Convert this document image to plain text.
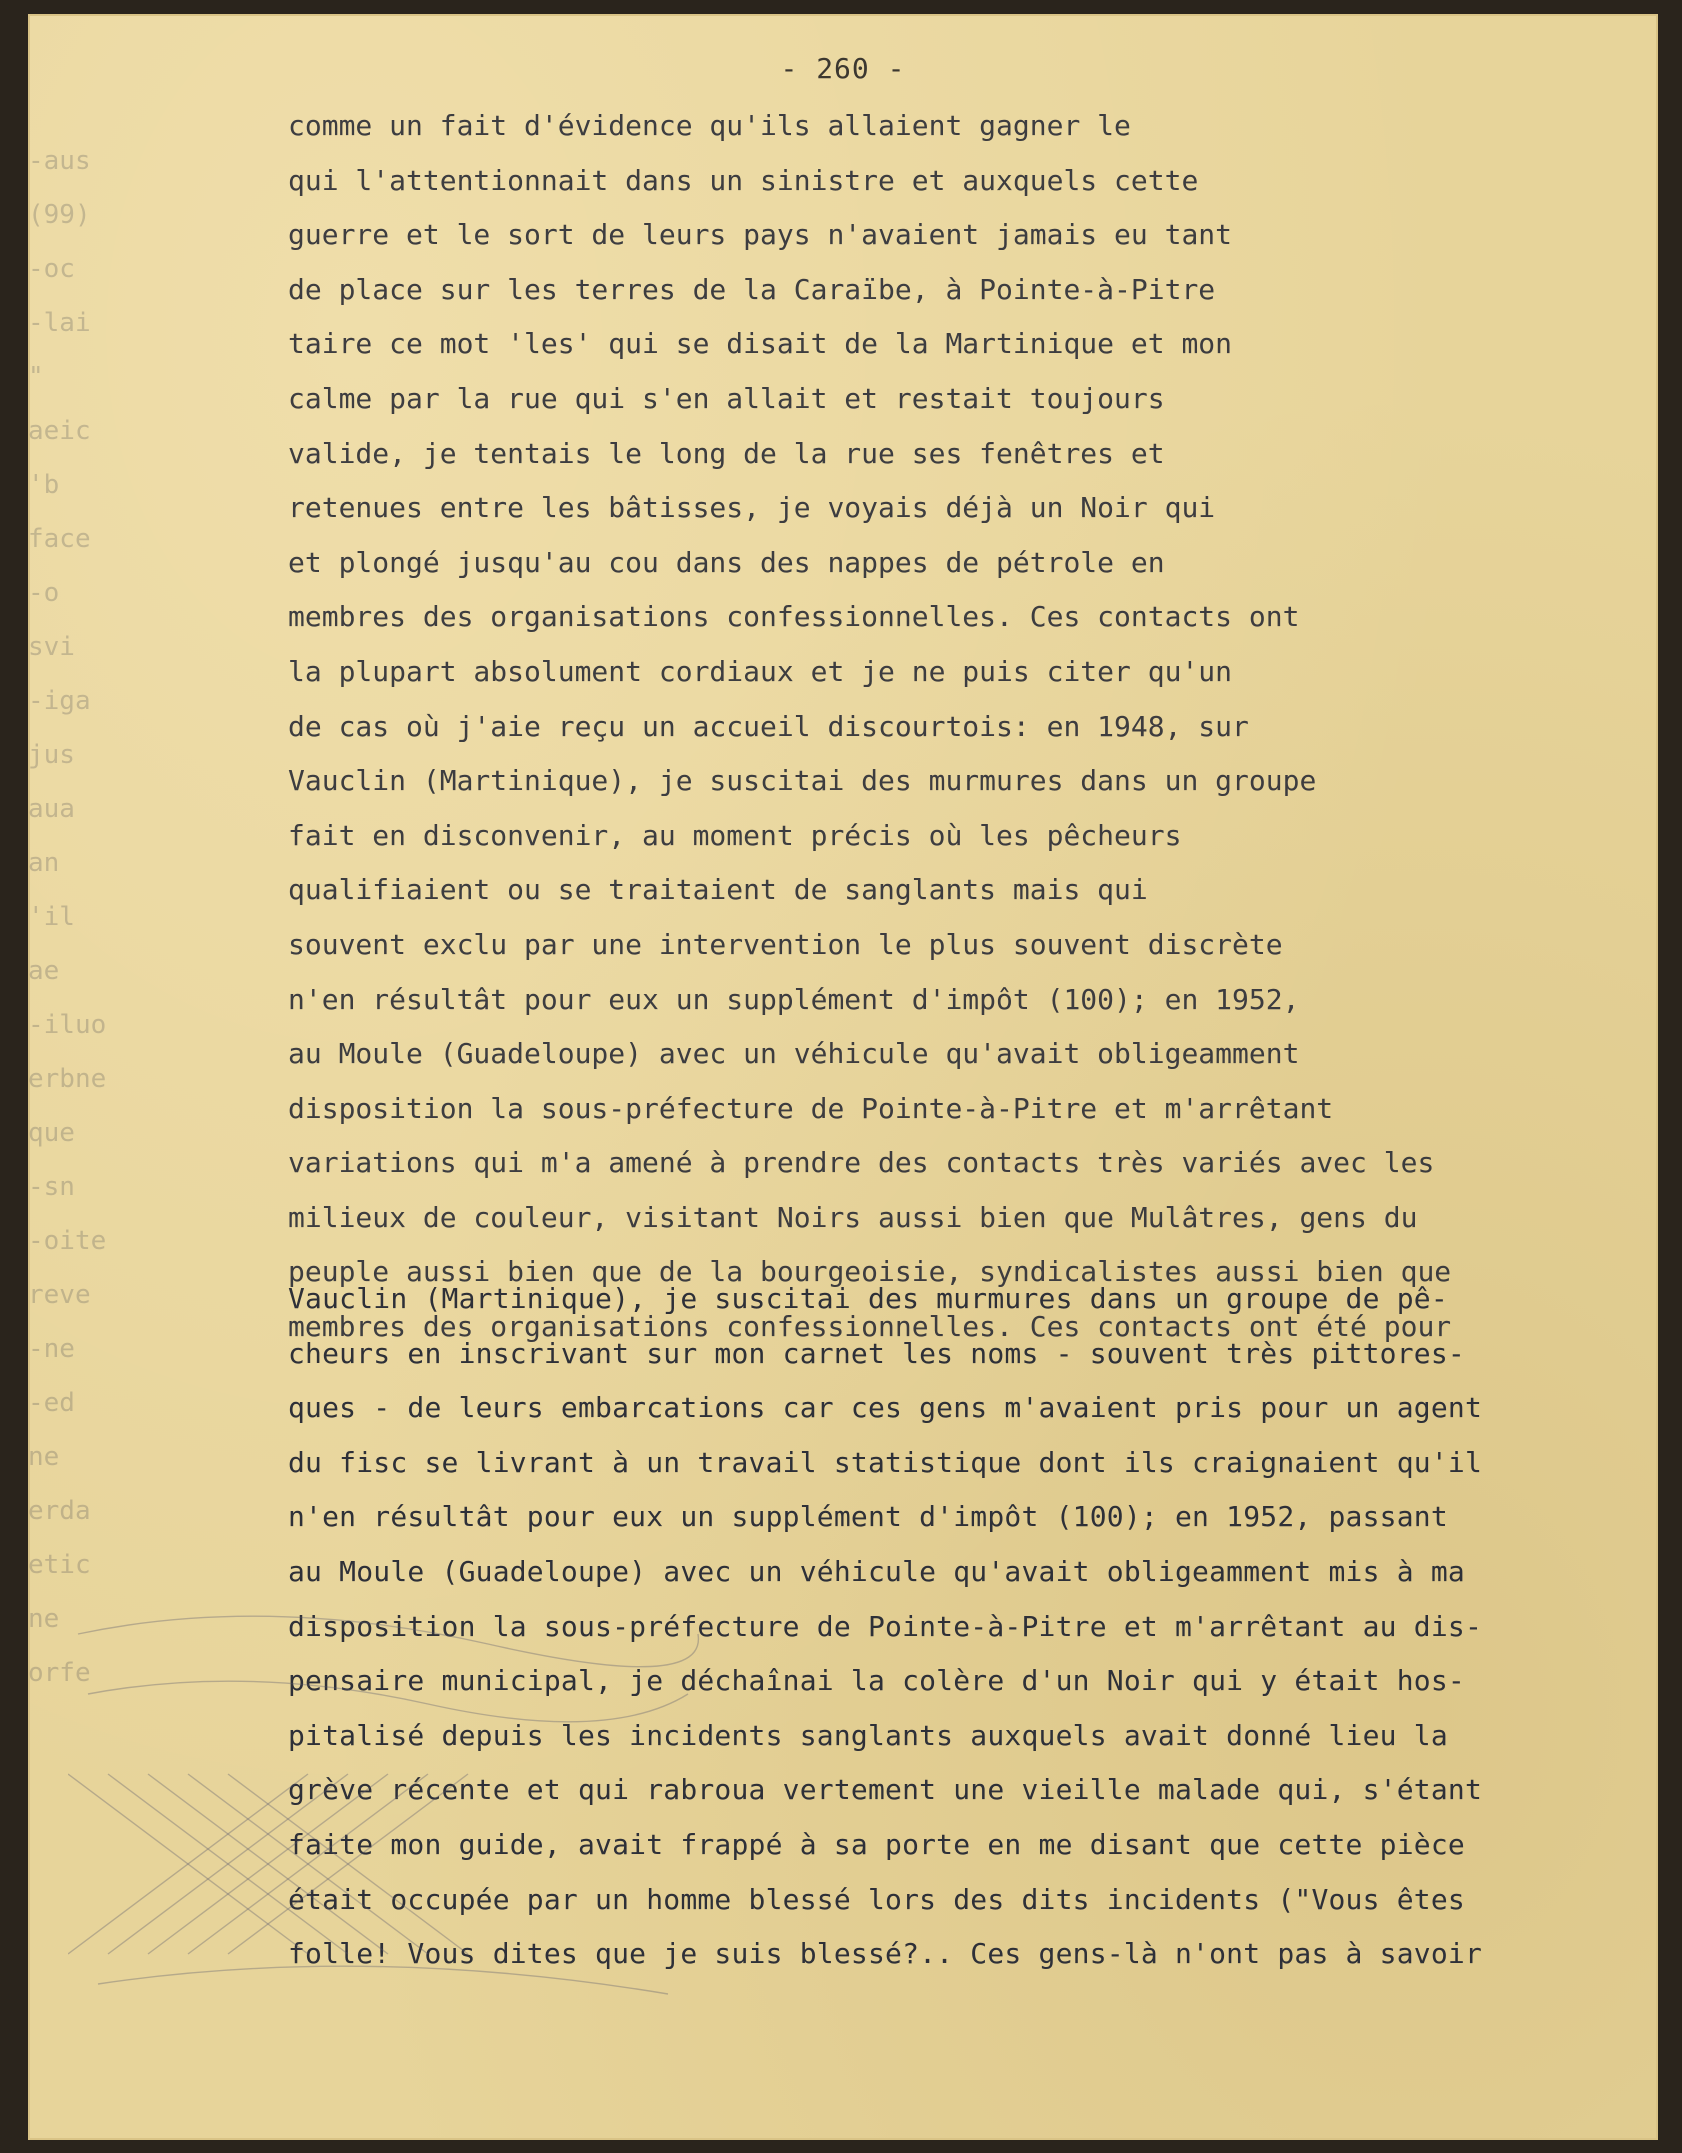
-aus
(99)
-oc
-lai
"
aeic
'b
face
-o
svi
-iga
jus
aua
an
'il
ae
-iluo
erbne
que
-sn
-oite
reve
-ne
-ed
ne
erda
etic
ne
orfe
- 260 -
comme un fait d'évidence qu'ils allaient gagner le
qui l'attentionnait dans un sinistre et auxquels cette
guerre et le sort de leurs pays n'avaient jamais eu tant
de place sur les terres de la Caraïbe, à Pointe-à-Pitre
taire ce mot 'les' qui se disait de la Martinique et mon
calme par la rue qui s'en allait et restait toujours
valide, je tentais le long de la rue ses fenêtres et
retenues entre les bâtisses, je voyais déjà un Noir qui
et plongé jusqu'au cou dans des nappes de pétrole en
membres des organisations confessionnelles. Ces contacts ont
la plupart absolument cordiaux et je ne puis citer qu'un
de cas où j'aie reçu un accueil discourtois: en 1948, sur
Vauclin (Martinique), je suscitai des murmures dans un groupe
fait en disconvenir, au moment précis où les pêcheurs
qualifiaient ou se traitaient de sanglants mais qui
souvent exclu par une intervention le plus souvent discrète
n'en résultât pour eux un supplément d'impôt (100); en 1952,
au Moule (Guadeloupe) avec un véhicule qu'avait obligeamment
disposition la sous-préfecture de Pointe-à-Pitre et m'arrêtant
variations qui m'a amené à prendre des contacts très variés avec les
milieux de couleur, visitant Noirs aussi bien que Mulâtres, gens du
peuple aussi bien que de la bourgeoisie, syndicalistes aussi bien que
membres des organisations confessionnelles. Ces contacts ont été pour
Vauclin (Martinique), je suscitai des murmures dans un groupe de pê-
cheurs en inscrivant sur mon carnet les noms - souvent très pittores-
ques - de leurs embarcations car ces gens m'avaient pris pour un agent
du fisc se livrant à un travail statistique dont ils craignaient qu'il
n'en résultât pour eux un supplément d'impôt (100); en 1952, passant
au Moule (Guadeloupe) avec un véhicule qu'avait obligeamment mis à ma
disposition la sous-préfecture de Pointe-à-Pitre et m'arrêtant au dis-
pensaire municipal, je déchaînai la colère d'un Noir qui y était hos-
pitalisé depuis les incidents sanglants auxquels avait donné lieu la
grève récente et qui rabroua vertement une vieille malade qui, s'étant
faite mon guide, avait frappé à sa porte en me disant que cette pièce
était occupée par un homme blessé lors des dits incidents ("Vous êtes
folle! Vous dites que je suis blessé?.. Ces gens-là n'ont pas à savoir
